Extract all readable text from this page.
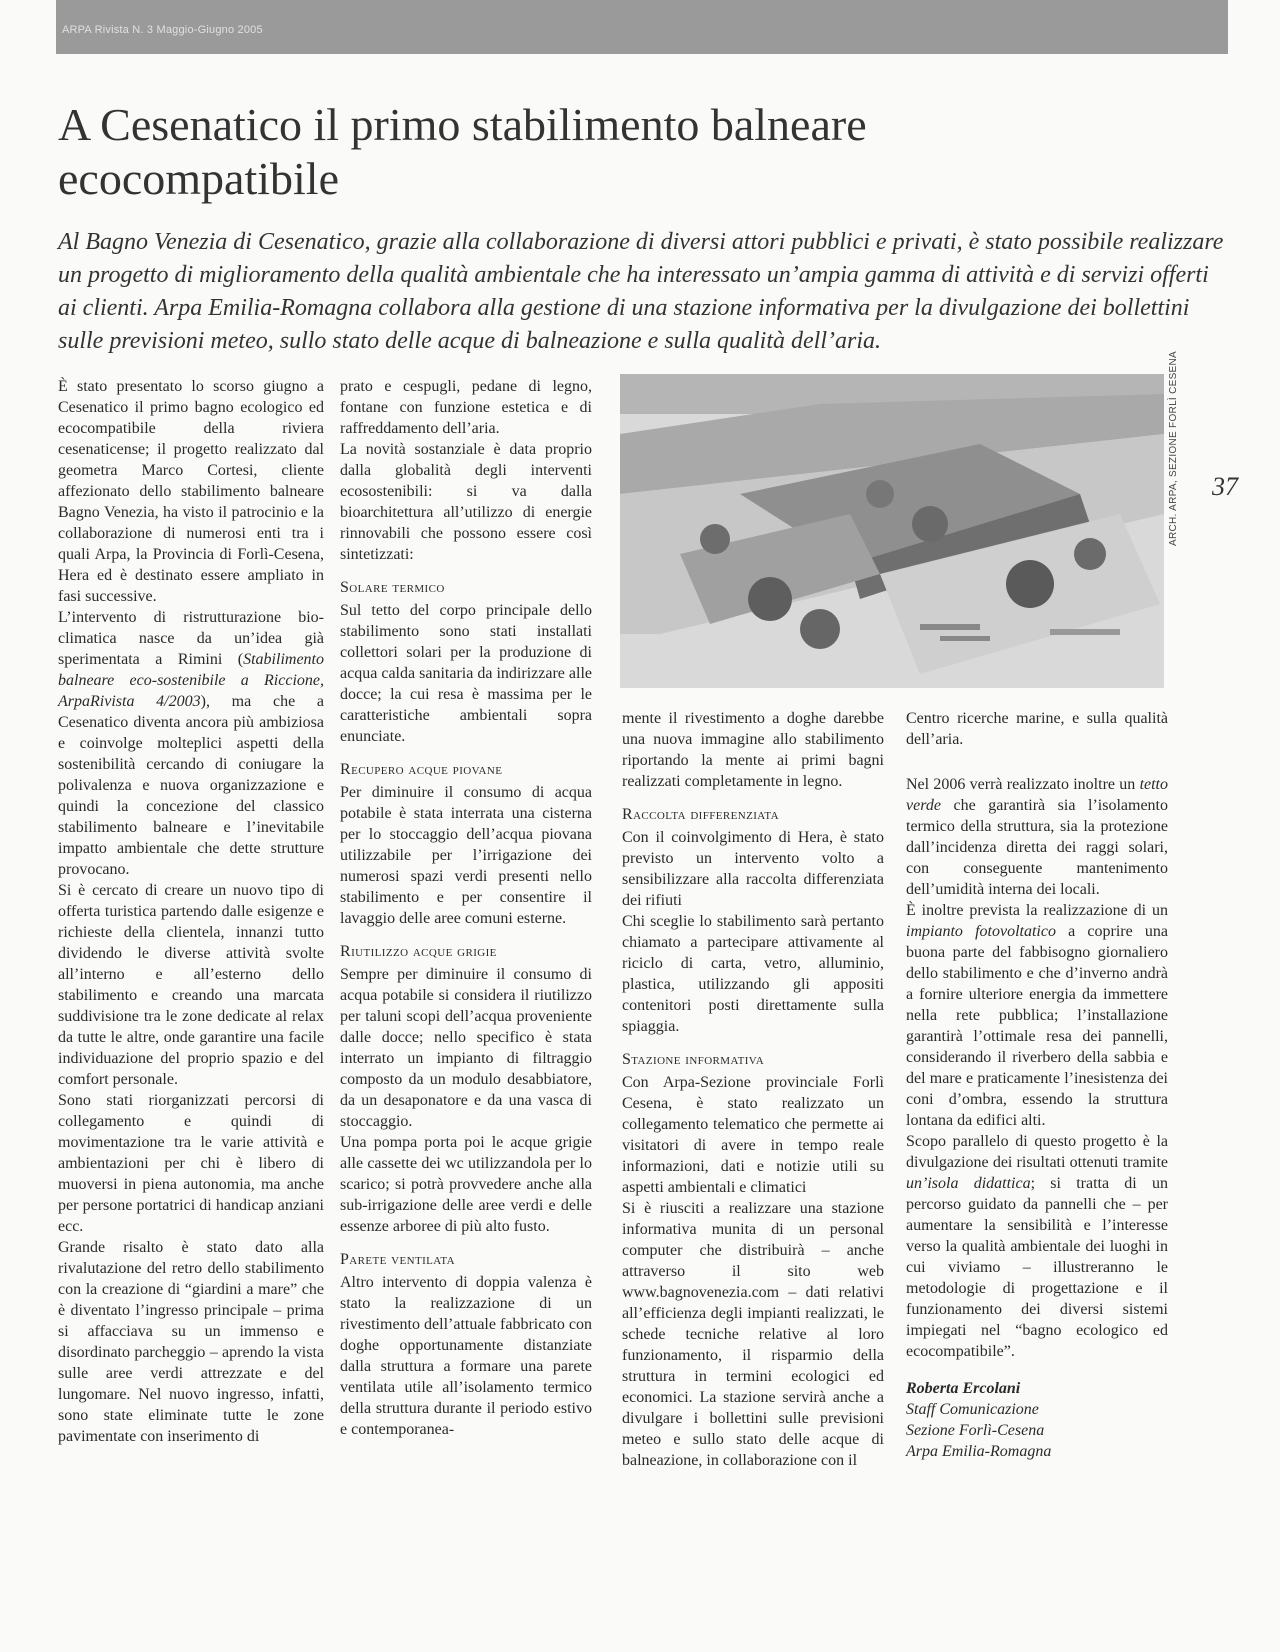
ARPA Rivista N. 3 Maggio-Giugno 2005
A Cesenatico il primo stabilimento balneare ecocompatibile

Al Bagno Venezia di Cesenatico, grazie alla collaborazione di diversi attori pubblici e privati, è stato possibile realizzare un progetto di miglioramento della qualità ambientale che ha interessato un’ampia gamma di attività e di servizi offerti ai clienti. Arpa Emilia-Romagna collabora alla gestione di una stazione informativa per la divulgazione dei bollettini sulle previsioni meteo, sullo stato delle acque di balneazione e sulla qualità dell’aria.

È stato presentato lo scorso giugno a Cesenatico il primo bagno ecologico ed ecocompatibile della riviera cesenaticense; il progetto realizzato dal geometra Marco Cortesi, cliente affezionato dello stabilimento balneare Bagno Venezia, ha visto il patrocinio e la collaborazione di numerosi enti tra i quali Arpa, la Provincia di Forlì-Cesena, Hera ed è destinato essere ampliato in fasi successive.

L’intervento di ristrutturazione bio-climatica nasce da un’idea già sperimentata a Rimini (Stabilimento balneare eco-sostenibile a Riccione, ArpaRivista 4/2003), ma che a Cesenatico diventa ancora più ambiziosa e coinvolge molteplici aspetti della sostenibilità cercando di coniugare la polivalenza e nuova organizzazione e quindi la concezione del classico stabilimento balneare e l’inevitabile impatto ambientale che dette strutture provocano.

Si è cercato di creare un nuovo tipo di offerta turistica partendo dalle esigenze e richieste della clientela, innanzi tutto dividendo le diverse attività svolte all’interno e all’esterno dello stabilimento e creando una marcata suddivisione tra le zone dedicate al relax da tutte le altre, onde garantire una facile individuazione del proprio spazio e del comfort personale.

Sono stati riorganizzati percorsi di collegamento e quindi di movimentazione tra le varie attività e ambientazioni per chi è libero di muoversi in piena autonomia, ma anche per persone portatrici di handicap anziani ecc.

Grande risalto è stato dato alla rivalutazione del retro dello stabilimento con la creazione di “giardini a mare” che è diventato l’ingresso principale – prima si affacciava su un immenso e disordinato parcheggio – aprendo la vista sulle aree verdi attrezzate e del lungomare. Nel nuovo ingresso, infatti, sono state eliminate tutte le zone pavimentate con inserimento di

prato e cespugli, pedane di legno, fontane con funzione estetica e di raffreddamento dell’aria.

La novità sostanziale è data proprio dalla globalità degli interventi ecosostenibili: si va dalla bioarchitettura all’utilizzo di energie rinnovabili che possono essere così sintetizzati:

Solare termico

Sul tetto del corpo principale dello stabilimento sono stati installati collettori solari per la produzione di acqua calda sanitaria da indirizzare alle docce; la cui resa è massima per le caratteristiche ambientali sopra enunciate.

Recupero acque piovane

Per diminuire il consumo di acqua potabile è stata interrata una cisterna per lo stoccaggio dell’acqua piovana utilizzabile per l’irrigazione dei numerosi spazi verdi presenti nello stabilimento e per consentire il lavaggio delle aree comuni esterne.

Riutilizzo acque grigie

Sempre per diminuire il consumo di acqua potabile si considera il riutilizzo per taluni scopi dell’acqua proveniente dalle docce; nello specifico è stata interrato un impianto di filtraggio composto da un modulo desabbiatore, da un desaponatore e da una vasca di stoccaggio.

Una pompa porta poi le acque grigie alle cassette dei wc utilizzandola per lo scarico; si potrà provvedere anche alla sub-irrigazione delle aree verdi e delle essenze arboree di più alto fusto.

Parete ventilata

Altro intervento di doppia valenza è stato la realizzazione di un rivestimento dell’attuale fabbricato con doghe opportunamente distanziate dalla struttura a formare una parete ventilata utile all’isolamento termico della struttura durante il periodo estivo e contemporanea-

ARCH. ARPA, SEZIONE FORLÌ CESENA 37

mente il rivestimento a doghe darebbe una nuova immagine allo stabilimento riportando la mente ai primi bagni realizzati completamente in legno.

Raccolta differenziata

Con il coinvolgimento di Hera, è stato previsto un intervento volto a sensibilizzare alla raccolta differenziata dei rifiuti

Chi sceglie lo stabilimento sarà pertanto chiamato a partecipare attivamente al riciclo di carta, vetro, alluminio, plastica, utilizzando gli appositi contenitori posti direttamente sulla spiaggia.

Stazione informativa

Con Arpa-Sezione provinciale Forlì Cesena, è stato realizzato un collegamento telematico che permette ai visitatori di avere in tempo reale informazioni, dati e notizie utili su aspetti ambientali e climatici

Si è riusciti a realizzare una stazione informativa munita di un personal computer che distribuirà – anche attraverso il sito web www.bagnovenezia.com – dati relativi all’efficienza degli impianti realizzati, le schede tecniche relative al loro funzionamento, il risparmio della struttura in termini ecologici ed economici. La stazione servirà anche a divulgare i bollettini sulle previsioni meteo e sullo stato delle acque di balneazione, in collaborazione con il

Centro ricerche marine, e sulla qualità dell’aria.

Nel 2006 verrà realizzato inoltre un tetto verde che garantirà sia l’isolamento termico della struttura, sia la protezione dall’incidenza diretta dei raggi solari, con conseguente mantenimento dell’umidità interna dei locali.

È inoltre prevista la realizzazione di un impianto fotovoltatico a coprire una buona parte del fabbisogno giornaliero dello stabilimento e che d’inverno andrà a fornire ulteriore energia da immettere nella rete pubblica; l’installazione garantirà l’ottimale resa dei pannelli, considerando il riverbero della sabbia e del mare e praticamente l’inesistenza dei coni d’ombra, essendo la struttura lontana da edifici alti.

Scopo parallelo di questo progetto è la divulgazione dei risultati ottenuti tramite un’isola didattica; si tratta di un percorso guidato da pannelli che – per aumentare la sensibilità e l’interesse verso la qualità ambientale dei luoghi in cui viviamo – illustreranno le metodologie di progettazione e il funzionamento dei diversi sistemi impiegati nel “bagno ecologico ed ecocompatibile”.

Roberta Ercolani

Staff Comunicazione

Sezione Forlì-Cesena

Arpa Emilia-Romagna
